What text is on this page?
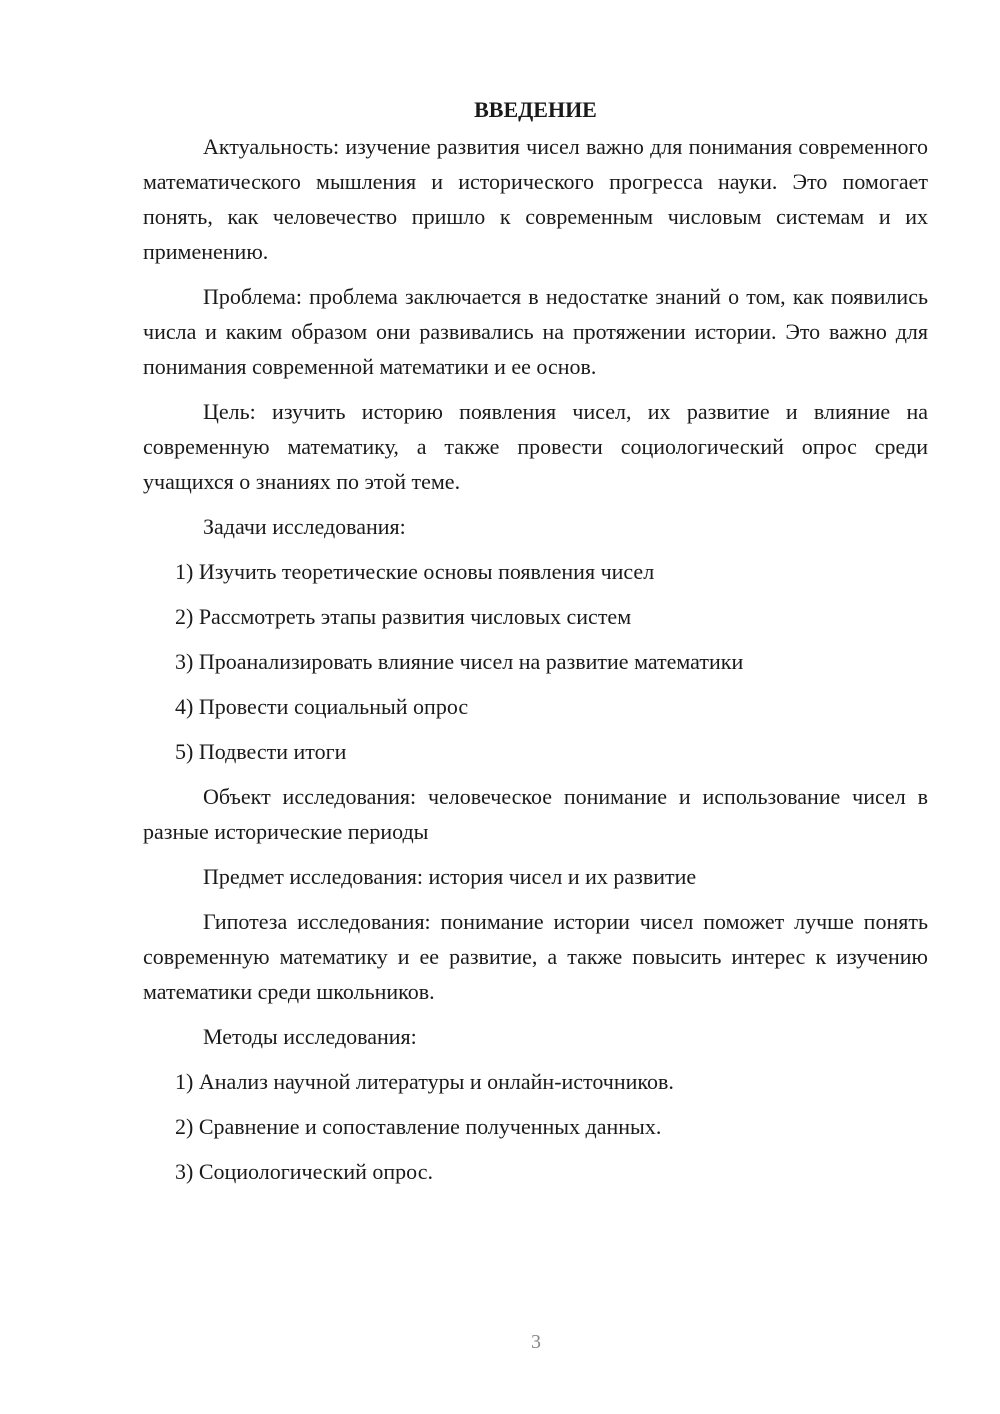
ВВЕДЕНИЕ
Актуальность: изучение развития чисел важно для понимания современного математического мышления и исторического прогресса науки. Это помогает понять, как человечество пришло к современным числовым системам и их применению.
Проблема: проблема заключается в недостатке знаний о том, как появились числа и каким образом они развивались на протяжении истории. Это важно для понимания современной математики и ее основ.
Цель: изучить историю появления чисел, их развитие и влияние на современную математику, а также провести социологический опрос среди учащихся о знаниях по этой теме.
Задачи исследования:
1) Изучить теоретические основы появления чисел
2) Рассмотреть этапы развития числовых систем
3) Проанализировать влияние чисел на развитие математики
4) Провести социальный опрос
5) Подвести итоги
Объект исследования: человеческое понимание и использование чисел в разные исторические периоды
Предмет исследования: история чисел и их развитие
Гипотеза исследования: понимание истории чисел поможет лучше понять современную математику и ее развитие, а также повысить интерес к изучению математики среди школьников.
Методы исследования:
1) Анализ научной литературы и онлайн-источников.
2) Сравнение и сопоставление полученных данных.
3) Социологический опрос.
3
